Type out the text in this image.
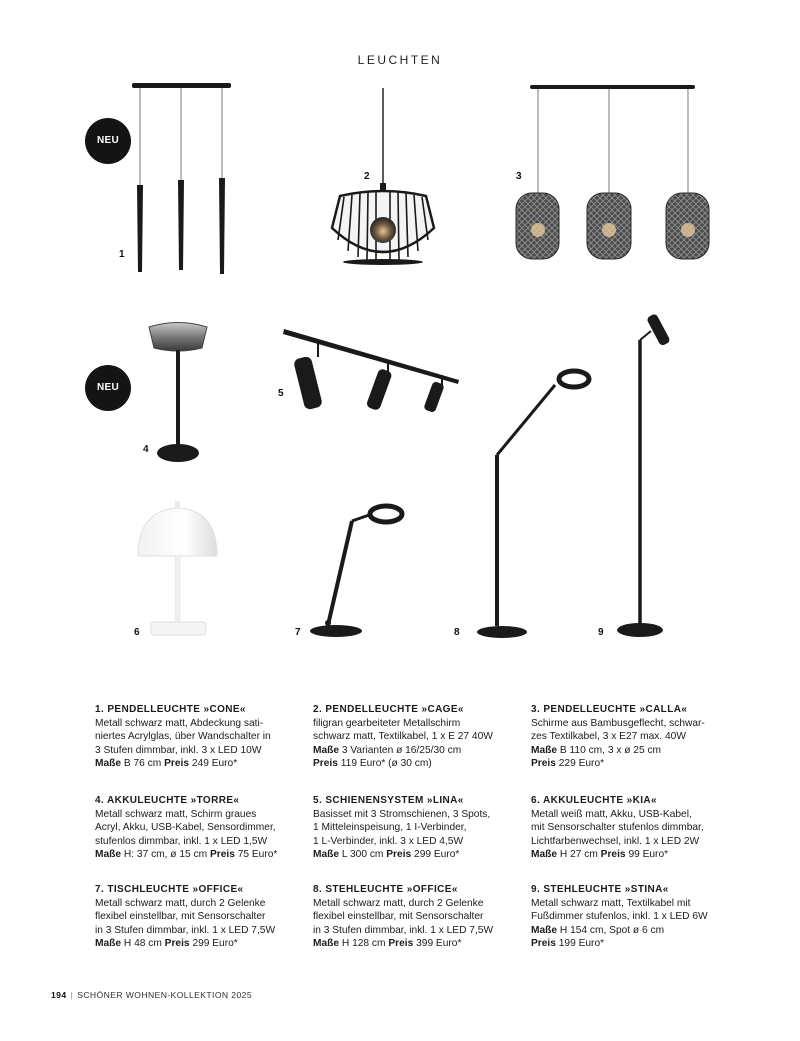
LEUCHTEN
NEU
NEU
1
2	3
4
5
6	7	8	9
1. PENDELLEUCHTE »CONE«
Metall schwarz matt, Abdeckung sati-
niertes Acrylglas, über Wandschalter in
3 Stufen dimmbar, inkl. 3 x LED 10W
Maße B 76 cm Preis 249 Euro*
2. PENDELLEUCHTE »CAGE«
filigran gearbeiteter Metallschirm
schwarz matt, Textilkabel, 1 x E 27 40W
Maße 3 Varianten ø 16/25/30 cm
Preis 119 Euro* (ø 30 cm)
3. PENDELLEUCHTE »CALLA«
Schirme aus Bambusgeflecht, schwar-
zes Textilkabel, 3 x E27 max. 40W
Maße B 110 cm, 3 x ø 25 cm
Preis 229 Euro*
4. AKKULEUCHTE »TORRE«
Metall schwarz matt, Schirm graues
Acryl, Akku, USB-Kabel, Sensordimmer,
stufenlos dimmbar, inkl. 1 x LED 1,5W
Maße H: 37 cm, ø 15 cm Preis 75 Euro*
5. SCHIENENSYSTEM »LINA«
Basisset mit 3 Stromschienen, 3 Spots,
1 Mitteleinspeisung, 1 I-Verbinder,
1 L-Verbinder, inkl. 3 x LED 4,5W
Maße L 300 cm Preis 299 Euro*
6. AKKULEUCHTE »KIA«
Metall weiß matt, Akku, USB-Kabel,
mit Sensorschalter stufenlos dimmbar,
Lichtfarbenwechsel, inkl. 1 x LED 2W
Maße H 27 cm Preis 99 Euro*
7. TISCHLEUCHTE »OFFICE«
Metall schwarz matt, durch 2 Gelenke
flexibel einstellbar, mit Sensorschalter
in 3 Stufen dimmbar, inkl. 1 x LED 7,5W
Maße H 48 cm Preis 299 Euro*
8. STEHLEUCHTE »OFFICE«
Metall schwarz matt, durch 2 Gelenke
flexibel einstellbar, mit Sensorschalter
in 3 Stufen dimmbar, inkl. 1 x LED 7,5W
Maße H 128 cm Preis 399 Euro*
9. STEHLEUCHTE »STINA«
Metall schwarz matt, Textilkabel mit
Fußdimmer stufenlos, inkl. 1 x LED 6W
Maße H 154 cm, Spot ø 6 cm
Preis 199 Euro*
194 | SCHÖNER WOHNEN-KOLLEKTION 2025
